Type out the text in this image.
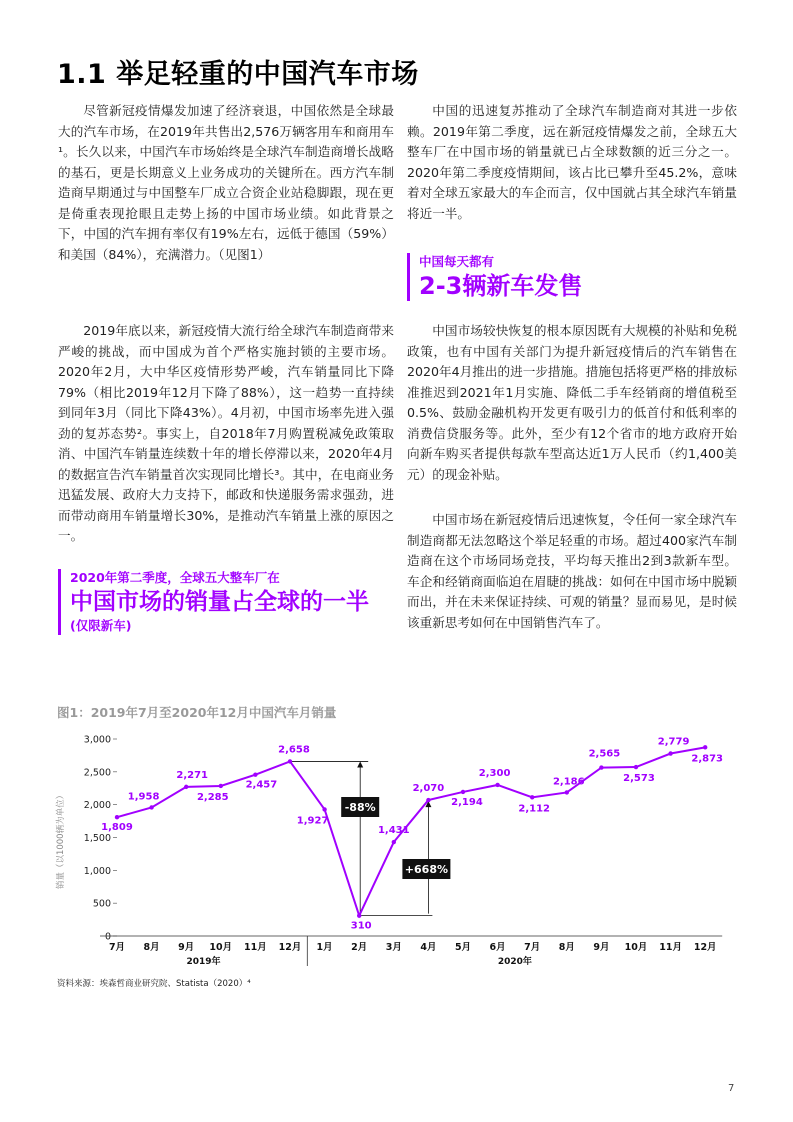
1.1 举足轻重的中国汽车市场

尽管新冠疫情爆发加速了经济衰退，中国依然是全球最大的汽车市场，在2019年共售出2,576万辆客用车和商用车¹。长久以来，中国汽车市场始终是全球汽车制造商增长战略的基石，更是长期意义上业务成功的关键所在。西方汽车制造商早期通过与中国整车厂成立合资企业站稳脚跟，现在更是倚重表现抢眼且走势上扬的中国市场业绩。如此背景之下，中国的汽车拥有率仅有19%左右，远低于德国（59%）和美国（84%），充满潜力。（见图1）

2019年底以来，新冠疫情大流行给全球汽车制造商带来严峻的挑战，而中国成为首个严格实施封锁的主要市场。2020年2月，大中华区疫情形势严峻，汽车销量同比下降79%（相比2019年12月下降了88%），这一趋势一直持续到同年3月（同比下降43%）。4月初，中国市场率先进入强劲的复苏态势²。事实上，自2018年7月购置税减免政策取消、中国汽车销量连续数十年的增长停滞以来，2020年4月的数据宣告汽车销量首次实现同比增长³。其中，在电商业务迅猛发展、政府大力支持下，邮政和快递服务需求强劲，进而带动商用车销量增长30%，是推动汽车销量上涨的原因之一。

2020年第二季度，全球五大整车厂在
中国市场的销量占全球的一半
(仅限新车)

中国的迅速复苏推动了全球汽车制造商对其进一步依赖。2019年第二季度，远在新冠疫情爆发之前，全球五大整车厂在中国市场的销量就已占全球数额的近三分之一。2020年第二季度疫情期间，该占比已攀升至45.2%，意味着对全球五家最大的车企而言，仅中国就占其全球汽车销量将近一半。

中国每天都有
2-3辆新车发售

中国市场较快恢复的根本原因既有大规模的补贴和免税政策，也有中国有关部门为提升新冠疫情后的汽车销售在2020年4月推出的进一步措施。措施包括将更严格的排放标准推迟到2021年1月实施、降低二手车经销商的增值税至0.5%、鼓励金融机构开发更有吸引力的低首付和低利率的消费信贷服务等。此外，至少有12个省市的地方政府开始向新车购买者提供每款车型高达近1万人民币（约1,400美元）的现金补贴。

中国市场在新冠疫情后迅速恢复，令任何一家全球汽车制造商都无法忽略这个举足轻重的市场。超过400家汽车制造商在这个市场同场竞技，平均每天推出2到3款新车型。车企和经销商面临迫在眉睫的挑战：如何在中国市场中脱颖而出，并在未来保证持续、可观的销量？显而易见，是时候该重新思考如何在中国销售汽车了。

图1：2019年7月至2020年12月中国汽车月销量
0
500
1,000
1,500
2,000
2,500
3,000
销量（以1000辆为单位）
7月 8月 9月 10月 11月 12月 1月 2月 3月 4月 5月 6月 7月 8月 9月 10月 11月 12月
2019年	2020年
1,809
1,958
2,271
2,285
2,457
2,658
1,927
310
1,431
2,070
2,194
2,300
2,112
2,186
2,565
2,573
2,779
2,873
-88%
+668%
资料来源：埃森哲商业研究院、Statista（2020）⁴
7
